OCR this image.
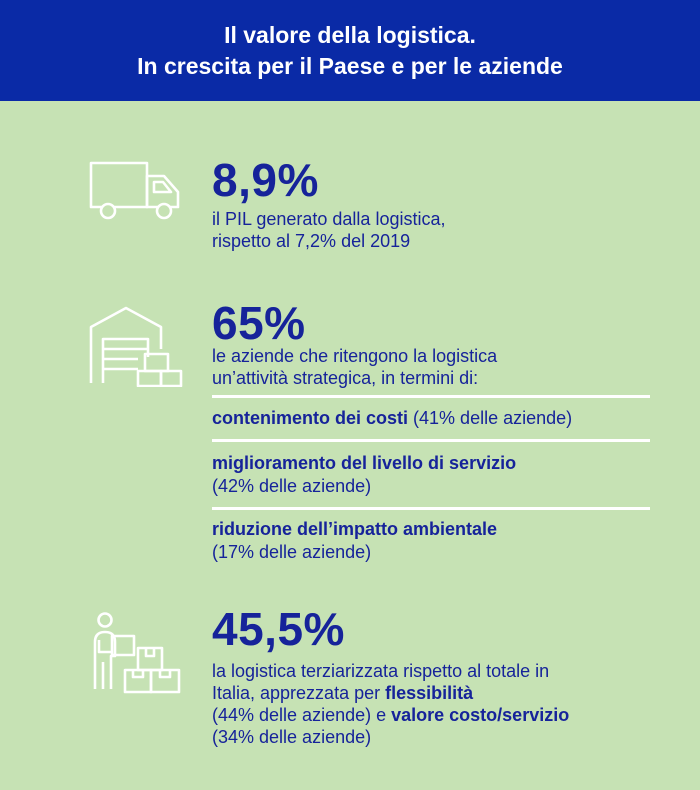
Il valore della logistica.
In crescita per il Paese e per le aziende
8,9%
il PIL generato dalla logistica,
rispetto al 7,2% del 2019
65%
le aziende che ritengono la logistica
un’attività strategica, in termini di:
contenimento dei costi (41% delle aziende)
miglioramento del livello di servizio
(42% delle aziende)
riduzione dell’impatto ambientale
(17% delle aziende)
45,5%
la logistica terziarizzata rispetto al totale in
Italia, apprezzata per flessibilità
(44% delle aziende) e valore costo/servizio
(34% delle aziende)
